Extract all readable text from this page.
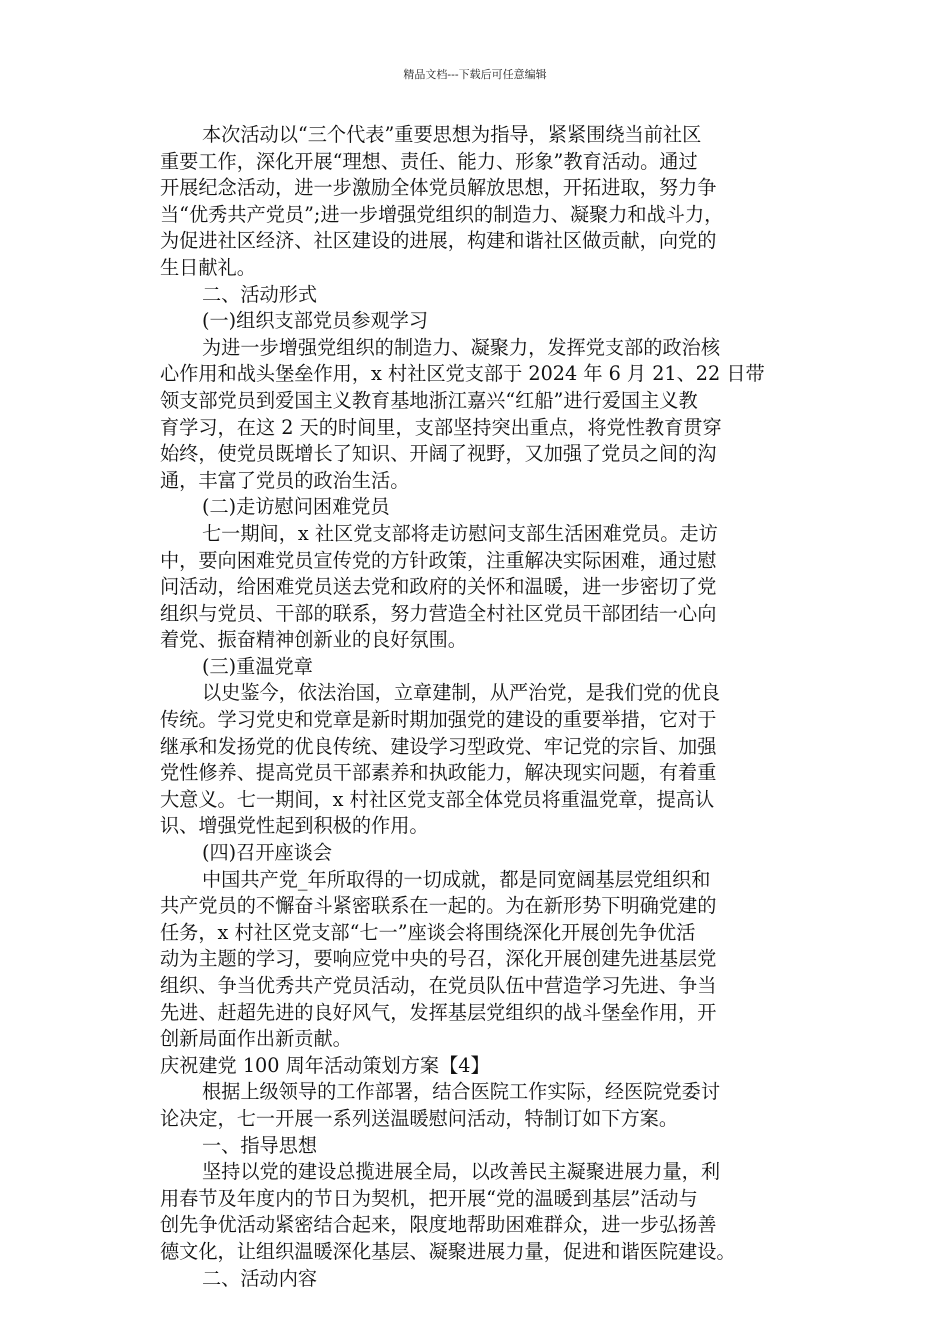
精品文档---下载后可任意编辑
本次活动以“三个代表”重要思想为指导，紧紧围绕当前社区
重要工作，深化开展“理想、责任、能力、形象”教育活动。通过
开展纪念活动，进一步激励全体党员解放思想，开拓进取，努力争
当“优秀共产党员”;进一步增强党组织的制造力、凝聚力和战斗力，
为促进社区经济、社区建设的进展，构建和谐社区做贡献，向党的
生日献礼。
二、活动形式
(一)组织支部党员参观学习
为进一步增强党组织的制造力、凝聚力，发挥党支部的政治核
心作用和战头堡垒作用，x 村社区党支部于 2024 年 6 月 21、22 日带
领支部党员到爱国主义教育基地浙江嘉兴“红船”进行爱国主义教
育学习，在这 2 天的时间里，支部坚持突出重点，将党性教育贯穿
始终，使党员既增长了知识、开阔了视野，又加强了党员之间的沟
通，丰富了党员的政治生活。
(二)走访慰问困难党员
七一期间，x 社区党支部将走访慰问支部生活困难党员。走访
中，要向困难党员宣传党的方针政策，注重解决实际困难，通过慰
问活动，给困难党员送去党和政府的关怀和温暖，进一步密切了党
组织与党员、干部的联系，努力营造全村社区党员干部团结一心向
着党、振奋精神创新业的良好氛围。
(三)重温党章
以史鉴今，依法治国，立章建制，从严治党，是我们党的优良
传统。学习党史和党章是新时期加强党的建设的重要举措，它对于
继承和发扬党的优良传统、建设学习型政党、牢记党的宗旨、加强
党性修养、提高党员干部素养和执政能力，解决现实问题，有着重
大意义。七一期间，x 村社区党支部全体党员将重温党章，提高认
识、增强党性起到积极的作用。
(四)召开座谈会
中国共产党_年所取得的一切成就，都是同宽阔基层党组织和
共产党员的不懈奋斗紧密联系在一起的。为在新形势下明确党建的
任务，x 村社区党支部“七一”座谈会将围绕深化开展创先争优活
动为主题的学习，要响应党中央的号召，深化开展创建先进基层党
组织、争当优秀共产党员活动，在党员队伍中营造学习先进、争当
先进、赶超先进的良好风气，发挥基层党组织的战斗堡垒作用，开
创新局面作出新贡献。
庆祝建党 100 周年活动策划方案【4】
根据上级领导的工作部署，结合医院工作实际，经医院党委讨
论决定，七一开展一系列送温暖慰问活动，特制订如下方案。
一、指导思想
坚持以党的建设总揽进展全局，以改善民主凝聚进展力量，利
用春节及年度内的节日为契机，把开展“党的温暖到基层”活动与
创先争优活动紧密结合起来，限度地帮助困难群众，进一步弘扬善
德文化，让组织温暖深化基层、凝聚进展力量，促进和谐医院建设。
二、活动内容
